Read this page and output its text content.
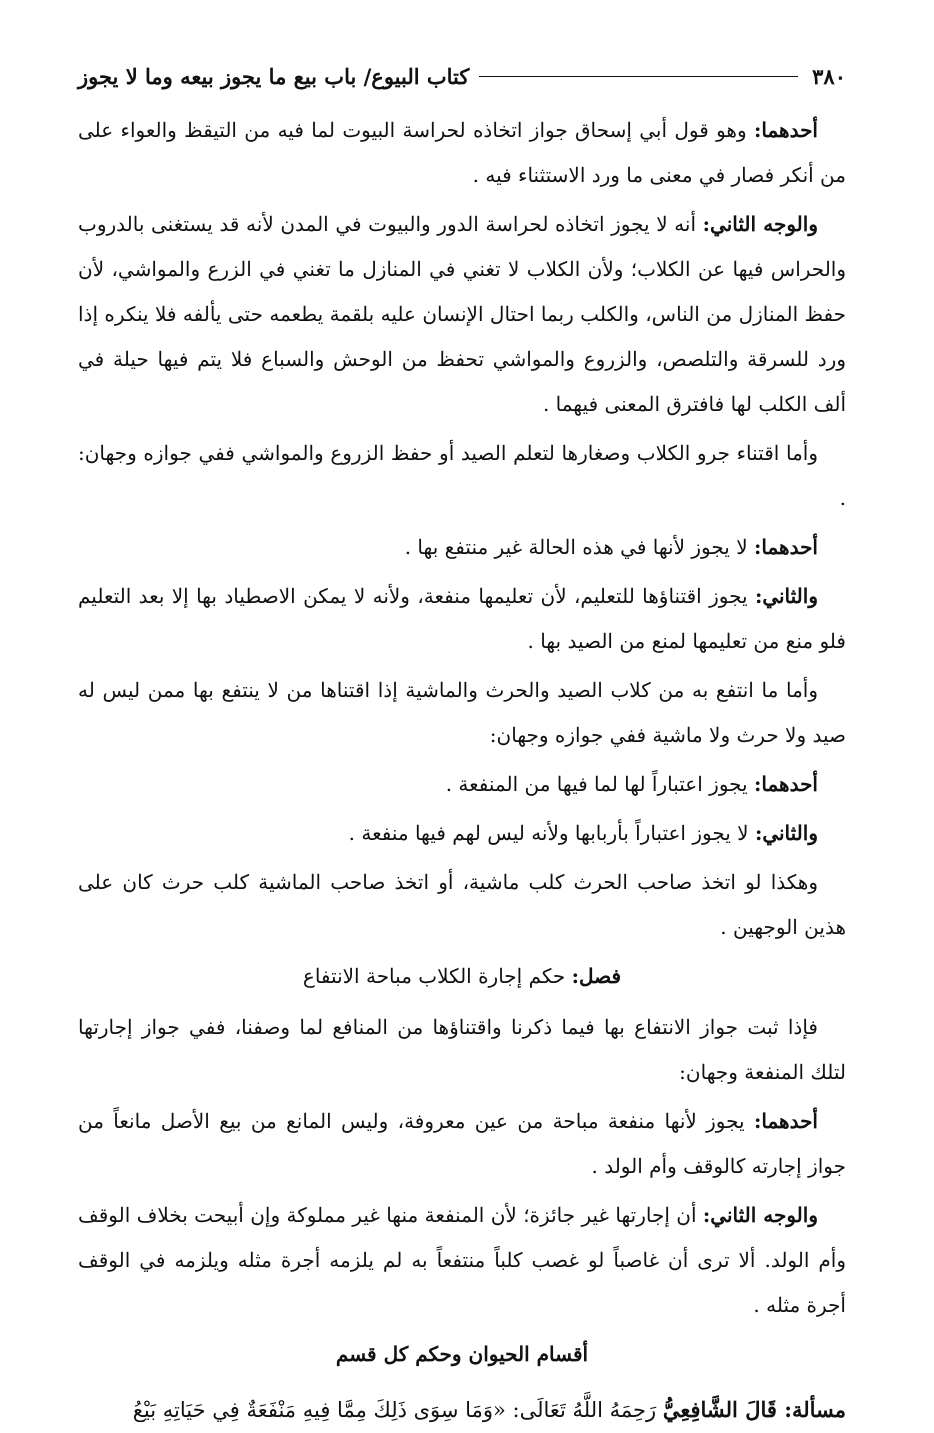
٣٨٠
كتاب البيوع/ باب بيع ما يجوز بيعه وما لا يجوز

أحدهما: وهو قول أبي إسحاق جواز اتخاذه لحراسة البيوت لما فيه من التيقظ والعواء على من أنكر فصار في معنى ما ورد الاستثناء فيه .

والوجه الثاني: أنه لا يجوز اتخاذه لحراسة الدور والبيوت في المدن لأنه قد يستغنى بالدروب والحراس فيها عن الكلاب؛ ولأن الكلاب لا تغني في المنازل ما تغني في الزرع والمواشي، لأن حفظ المنازل من الناس، والكلب ربما احتال الإنسان عليه بلقمة يطعمه حتى يألفه فلا ينكره إذا ورد للسرقة والتلصص، والزروع والمواشي تحفظ من الوحش والسباع فلا يتم فيها حيلة في ألف الكلب لها فافترق المعنى فيهما .

وأما اقتناء جرو الكلاب وصغارها لتعلم الصيد أو حفظ الزروع والمواشي ففي جوازه وجهان: .

أحدهما: لا يجوز لأنها في هذه الحالة غير منتفع بها .

والثاني: يجوز اقتناؤها للتعليم، لأن تعليمها منفعة، ولأنه لا يمكن الاصطياد بها إلا بعد التعليم فلو منع من تعليمها لمنع من الصيد بها .

وأما ما انتفع به من كلاب الصيد والحرث والماشية إذا اقتناها من لا ينتفع بها ممن ليس له صيد ولا حرث ولا ماشية ففي جوازه وجهان:

أحدهما: يجوز اعتباراً لها لما فيها من المنفعة .

والثاني: لا يجوز اعتباراً بأربابها ولأنه ليس لهم فيها منفعة .

وهكذا لو اتخذ صاحب الحرث كلب ماشية، أو اتخذ صاحب الماشية كلب حرث كان على هذين الوجهين .

فصل: حكم إجارة الكلاب مباحة الانتفاع

فإذا ثبت جواز الانتفاع بها فيما ذكرنا واقتناؤها من المنافع لما وصفنا، ففي جواز إجارتها لتلك المنفعة وجهان:

أحدهما: يجوز لأنها منفعة مباحة من عين معروفة، وليس المانع من بيع الأصل مانعاً من جواز إجارته كالوقف وأم الولد .

والوجه الثاني: أن إجارتها غير جائزة؛ لأن المنفعة منها غير مملوكة وإن أبيحت بخلاف الوقف وأم الولد. ألا ترى أن غاصباً لو غصب كلباً منتفعاً به لم يلزمه أجرة مثله ويلزمه في الوقف أجرة مثله .

أقسام الحيوان وحكم كل قسم

مسألة: قَالَ الشَّافِعِيُّ رَحِمَهُ اللَّهُ تَعَالَى: «وَمَا سِوَى ذَلِكَ مِمَّا فِيهِ مَنْفَعَةٌ فِي حَيَاتِهِ بَيْعُ
